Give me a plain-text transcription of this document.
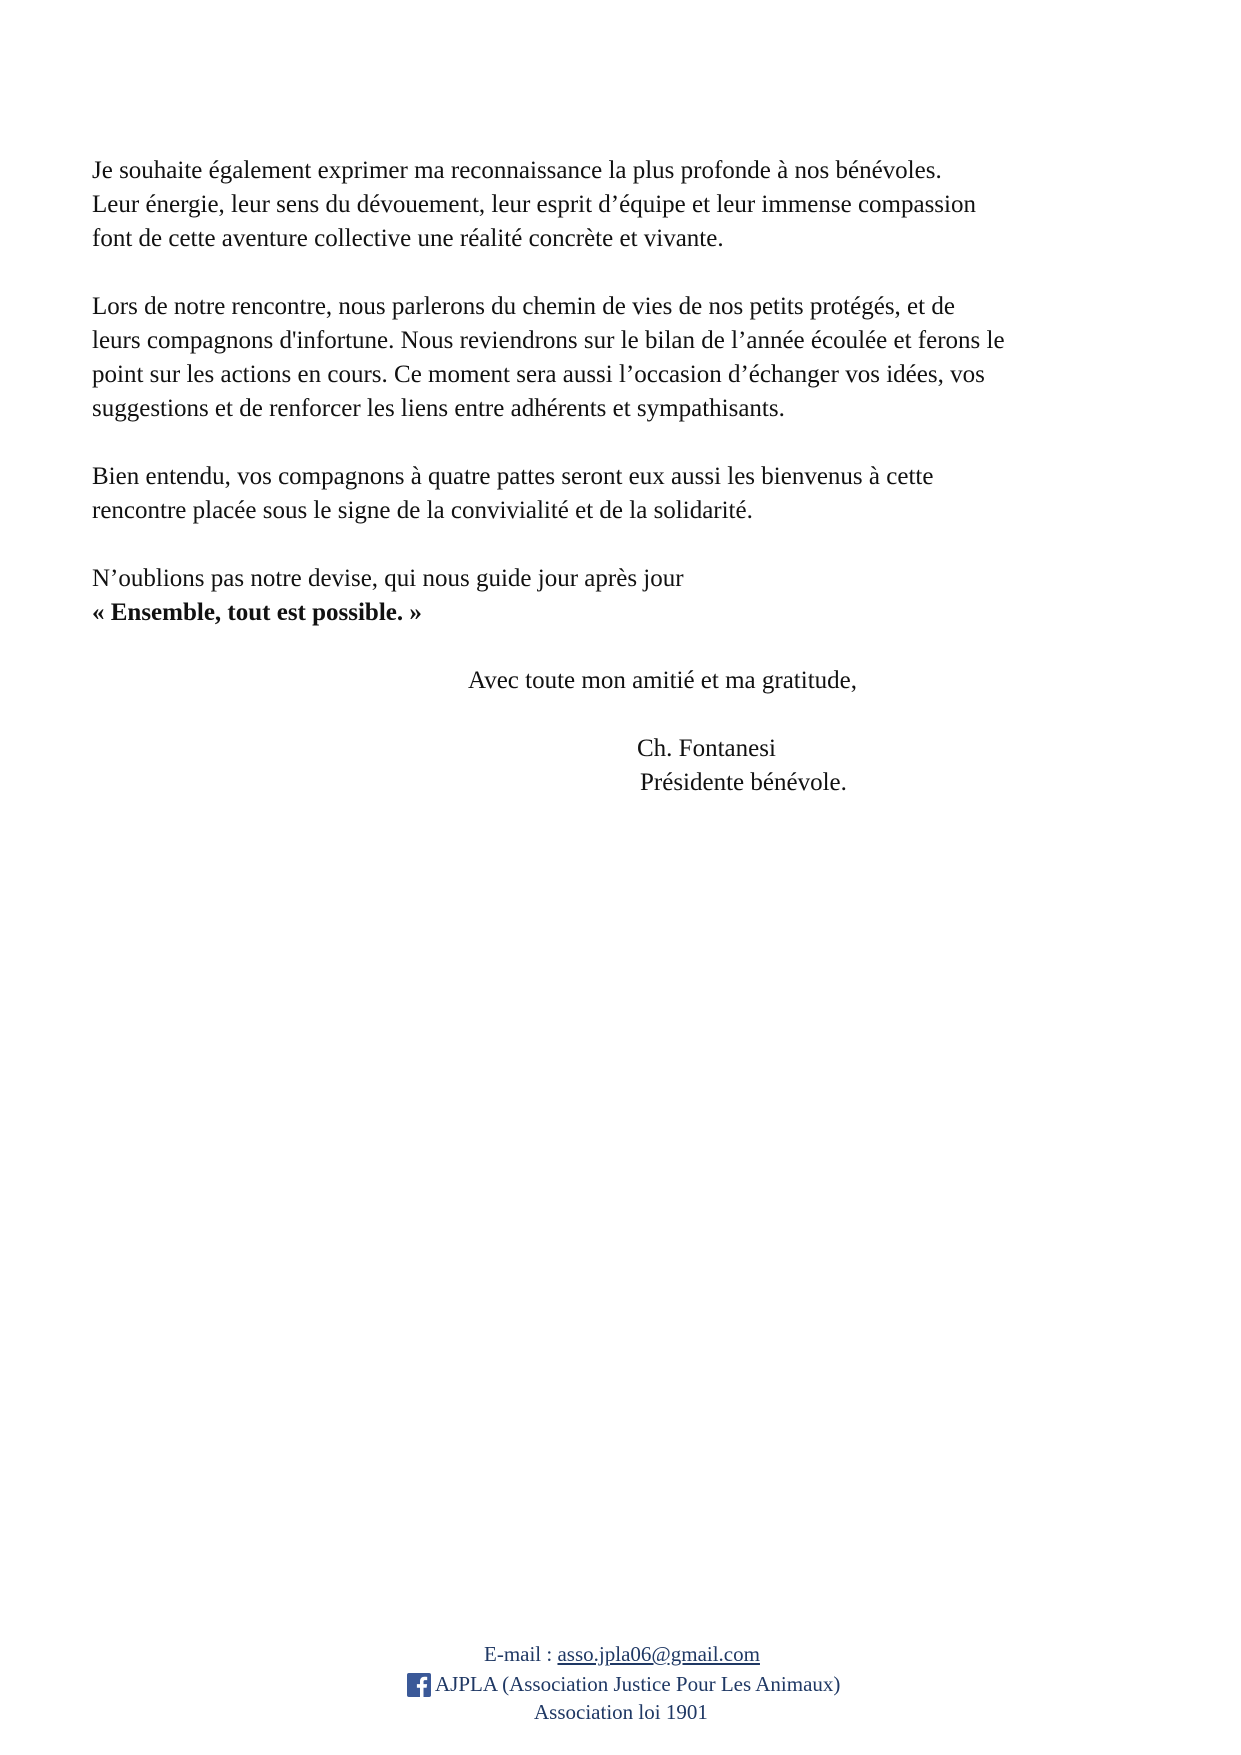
Je souhaite également exprimer ma reconnaissance la plus profonde à nos bénévoles.
Leur énergie, leur sens du dévouement, leur esprit d’équipe et leur immense compassion
font de cette aventure collective une réalité concrète et vivante.

Lors de notre rencontre, nous parlerons du chemin de vies de nos petits protégés, et de
leurs compagnons d'infortune. Nous reviendrons sur le bilan de l’année écoulée et ferons le
point sur les actions en cours. Ce moment sera aussi l’occasion d’échanger vos idées, vos
suggestions et de renforcer les liens entre adhérents et sympathisants.

Bien entendu, vos compagnons à quatre pattes seront eux aussi les bienvenus à cette
rencontre placée sous le signe de la convivialité et de la solidarité.

N’oublions pas notre devise, qui nous guide jour après jour
« Ensemble, tout est possible. »

Avec toute mon amitié et ma gratitude,
Ch. Fontanesi
Présidente bénévole.
E-mail : asso.jpla06@gmail.com
AJPLA (Association Justice Pour Les Animaux)
Association loi 1901
